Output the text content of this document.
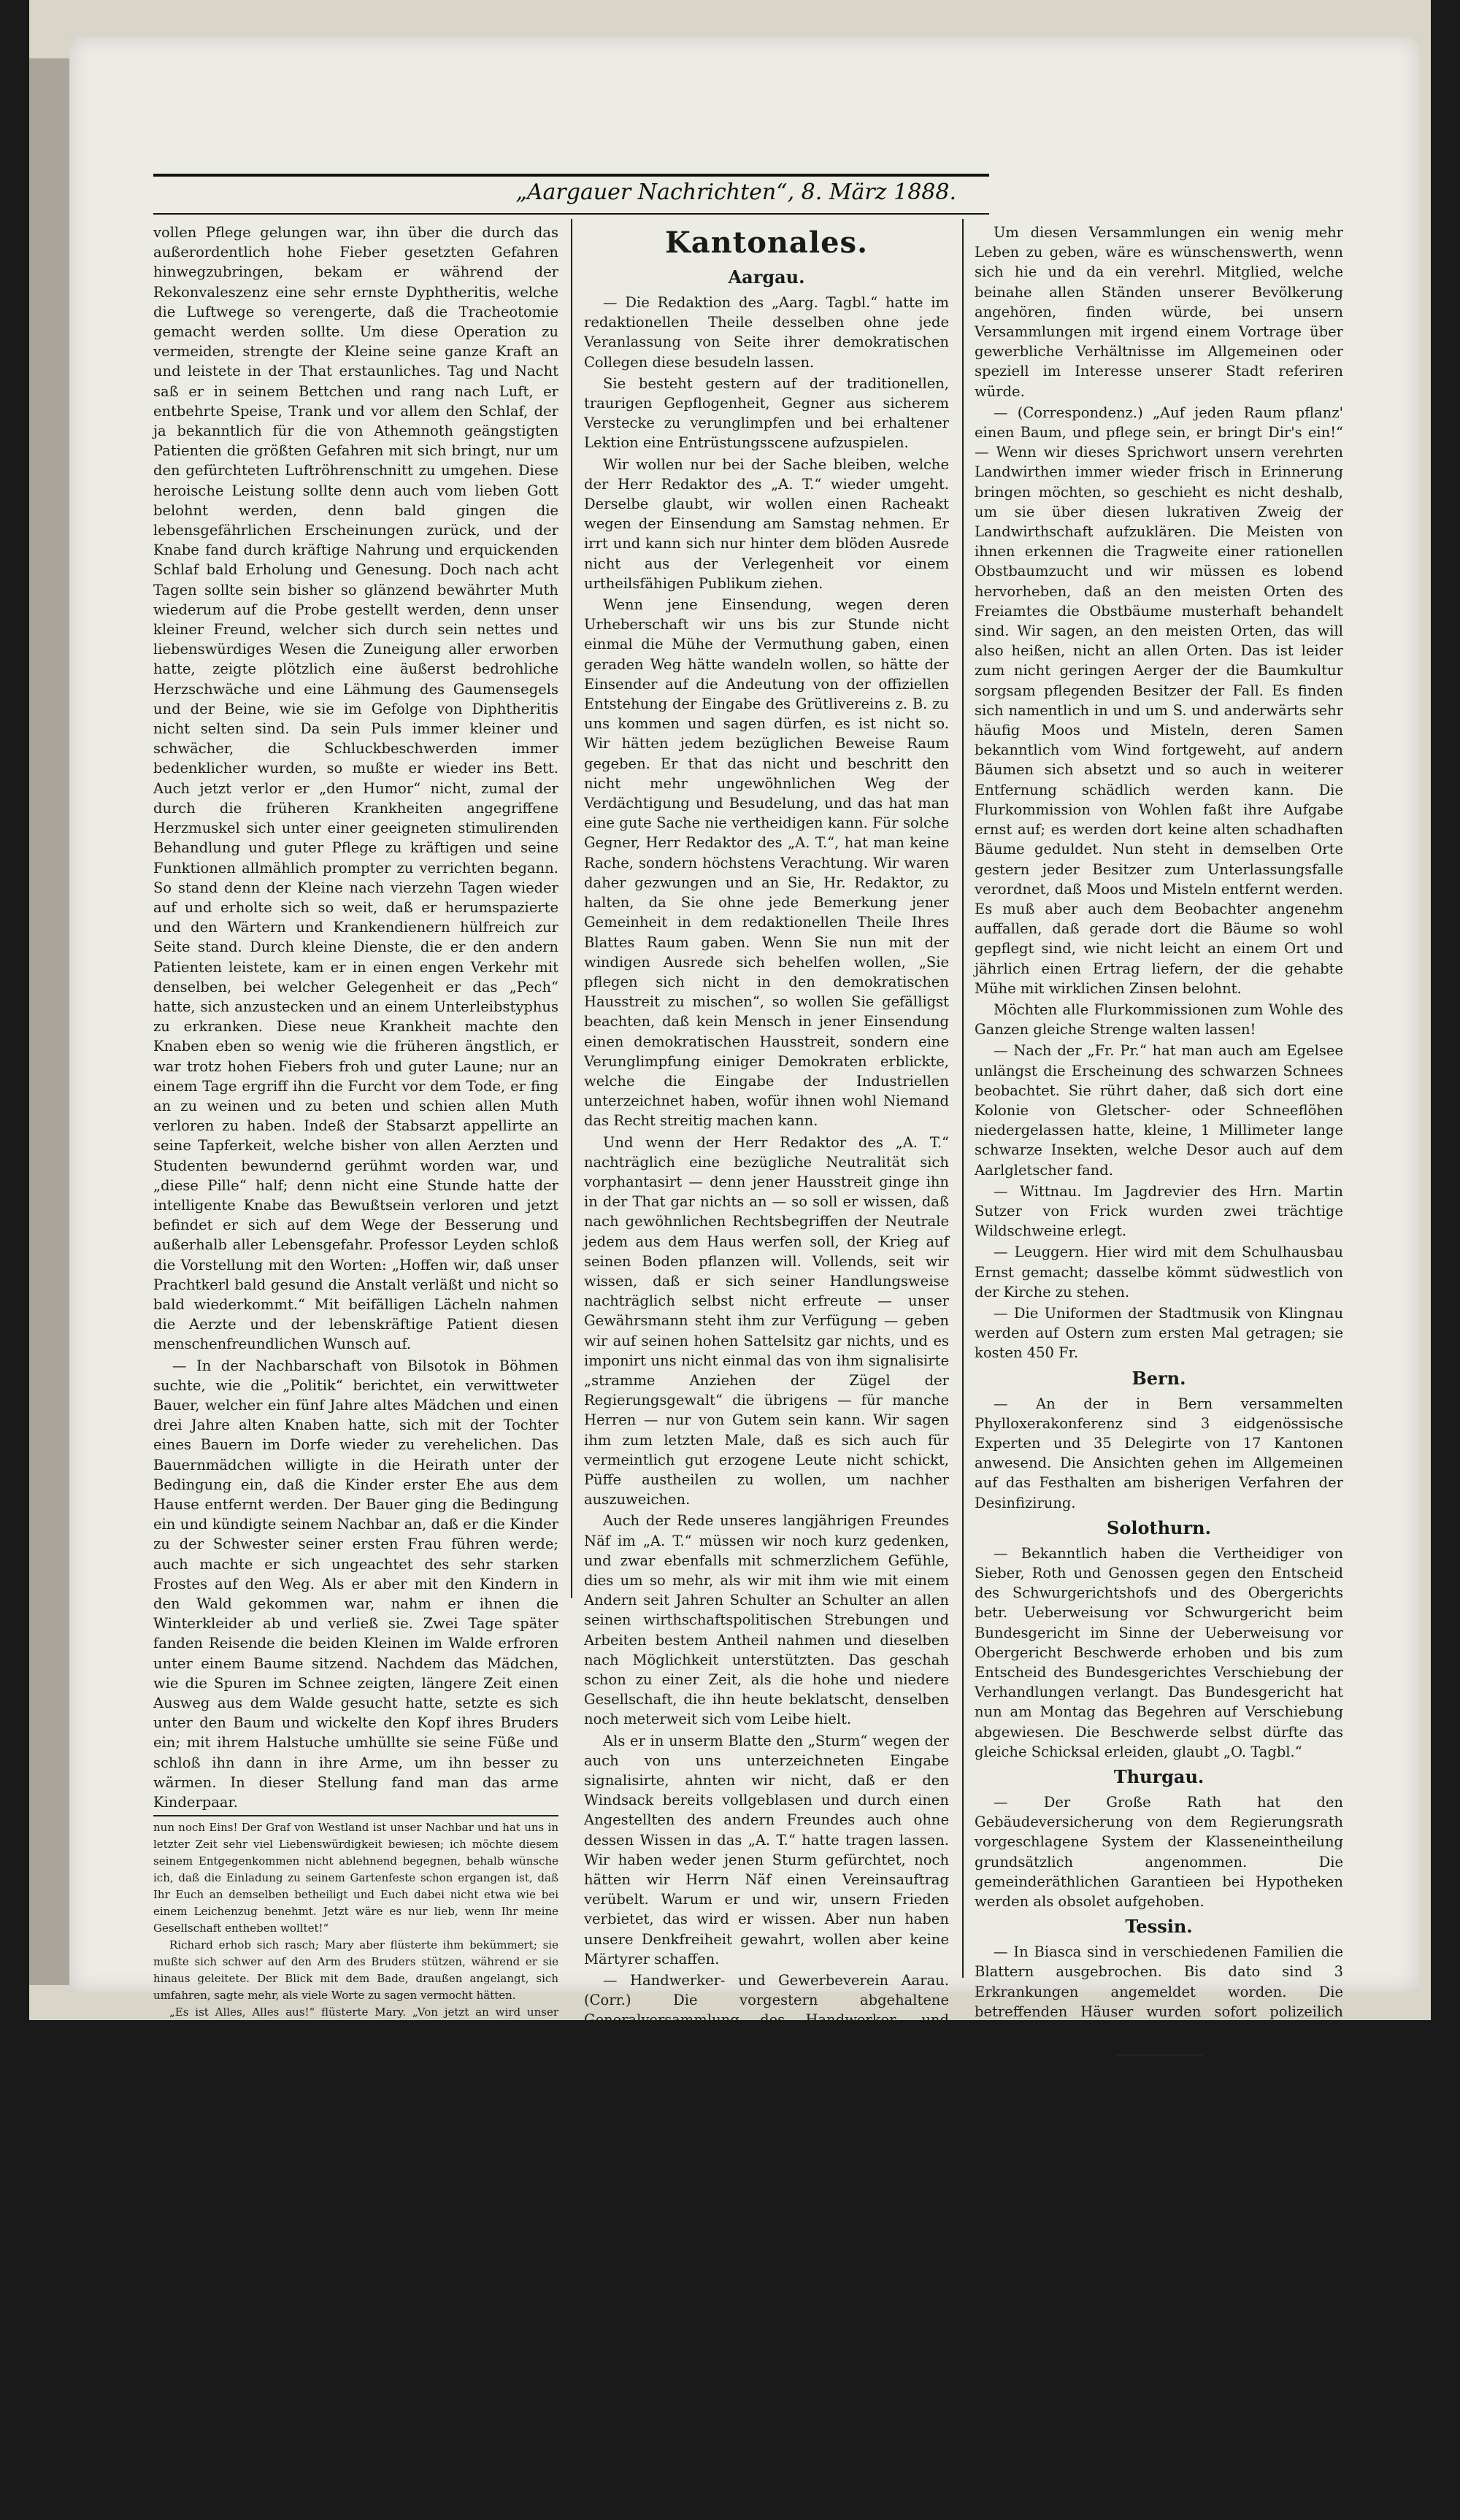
„Aargauer Nachrichten“, 8. März 1888.

vollen Pflege gelungen war, ihn über die durch das außerordentlich hohe Fieber gesetzten Gefahren hinwegzubringen, bekam er während der Rekonvaleszenz eine sehr ernste Dyphtheritis, welche die Luftwege so verengerte, daß die Tracheotomie gemacht werden sollte. Um diese Operation zu vermeiden, strengte der Kleine seine ganze Kraft an und leistete in der That erstaunliches. Tag und Nacht saß er in seinem Bettchen und rang nach Luft, er entbehrte Speise, Trank und vor allem den Schlaf, der ja bekanntlich für die von Athemnoth geängstigten Patienten die größten Gefahren mit sich bringt, nur um den gefürchteten Luftröhrenschnitt zu umgehen. Diese heroische Leistung sollte denn auch vom lieben Gott belohnt werden, denn bald gingen die lebensgefährlichen Erscheinungen zurück, und der Knabe fand durch kräftige Nahrung und erquickenden Schlaf bald Erholung und Genesung. Doch nach acht Tagen sollte sein bisher so glänzend bewährter Muth wiederum auf die Probe gestellt werden, denn unser kleiner Freund, welcher sich durch sein nettes und liebenswürdiges Wesen die Zuneigung aller erworben hatte, zeigte plötzlich eine äußerst bedrohliche Herzschwäche und eine Lähmung des Gaumensegels und der Beine, wie sie im Gefolge von Diphtheritis nicht selten sind. Da sein Puls immer kleiner und schwächer, die Schluckbeschwerden immer bedenklicher wurden, so mußte er wieder ins Bett. Auch jetzt verlor er „den Humor“ nicht, zumal der durch die früheren Krankheiten angegriffene Herzmuskel sich unter einer geeigneten stimulirenden Behandlung und guter Pflege zu kräftigen und seine Funktionen allmählich prompter zu verrichten begann. So stand denn der Kleine nach vierzehn Tagen wieder auf und erholte sich so weit, daß er herumspazierte und den Wärtern und Krankendienern hülfreich zur Seite stand. Durch kleine Dienste, die er den andern Patienten leistete, kam er in einen engen Verkehr mit denselben, bei welcher Gelegenheit er das „Pech“ hatte, sich anzustecken und an einem Unterleibstyphus zu erkranken. Diese neue Krankheit machte den Knaben eben so wenig wie die früheren ängstlich, er war trotz hohen Fiebers froh und guter Laune; nur an einem Tage ergriff ihn die Furcht vor dem Tode, er fing an zu weinen und zu beten und schien allen Muth verloren zu haben. Indeß der Stabsarzt appellirte an seine Tapferkeit, welche bisher von allen Aerzten und Studenten bewundernd gerühmt worden war, und „diese Pille“ half; denn nicht eine Stunde hatte der intelligente Knabe das Bewußtsein verloren und jetzt befindet er sich auf dem Wege der Besserung und außerhalb aller Lebensgefahr. Professor Leyden schloß die Vorstellung mit den Worten: „Hoffen wir, daß unser Prachtkerl bald gesund die Anstalt verläßt und nicht so bald wiederkommt.“ Mit beifälligen Lächeln nahmen die Aerzte und der lebenskräftige Patient diesen menschenfreundlichen Wunsch auf.

— In der Nachbarschaft von Bilsotok in Böhmen suchte, wie die „Politik“ berichtet, ein verwittweter Bauer, welcher ein fünf Jahre altes Mädchen und einen drei Jahre alten Knaben hatte, sich mit der Tochter eines Bauern im Dorfe wieder zu verehelichen. Das Bauernmädchen willigte in die Heirath unter der Bedingung ein, daß die Kinder erster Ehe aus dem Hause entfernt werden. Der Bauer ging die Bedingung ein und kündigte seinem Nachbar an, daß er die Kinder zu der Schwester seiner ersten Frau führen werde; auch machte er sich ungeachtet des sehr starken Frostes auf den Weg. Als er aber mit den Kindern in den Wald gekommen war, nahm er ihnen die Winterkleider ab und verließ sie. Zwei Tage später fanden Reisende die beiden Kleinen im Walde erfroren unter einem Baume sitzend. Nachdem das Mädchen, wie die Spuren im Schnee zeigten, längere Zeit einen Ausweg aus dem Walde gesucht hatte, setzte es sich unter den Baum und wickelte den Kopf ihres Bruders ein; mit ihrem Halstuche umhüllte sie seine Füße und schloß ihn dann in ihre Arme, um ihn besser zu wärmen. In dieser Stellung fand man das arme Kinderpaar.

nun noch Eins! Der Graf von Westland ist unser Nachbar und hat uns in letzter Zeit sehr viel Liebenswürdigkeit bewiesen; ich möchte diesem seinem Entgegenkommen nicht ablehnend begegnen, behalb wünsche ich, daß die Einladung zu seinem Gartenfeste schon ergangen ist, daß Ihr Euch an demselben betheiligt und Euch dabei nicht etwa wie bei einem Leichenzug benehmt. Jetzt wäre es nur lieb, wenn Ihr meine Gesellschaft entheben wolltet!“

Richard erhob sich rasch; Mary aber flüsterte ihm bekümmert; sie mußte sich schwer auf den Arm des Bruders stützen, während er sie hinaus geleitete. Der Blick mit dem Bade, draußen angelangt, sich umfahren, sagte mehr, als viele Worte zu sagen vermocht hätten.

„Es ist Alles, Alles aus!“ flüsterte Mary. „Von jetzt an wird unser Leben eine endlose Kette von Qualen sein!“

Richard versuchte ihr Trost zuzusprechen, den er selbst nicht glaubte, aber Mary schüttelte den Kopf. Für sie gab es keine, keine Hoffnung mehr.

Während sie, nur mit Anstrengung sich aufrecht haltend, in ihr Zimmer wankte, verließ Richard, von Unruhe getrieben, das Haus, dessen finstere Mauern ihn zu erdrücken schienen.

Welcher Art war das Räthsel, von dem er sich gefesselt fand? Worin mochte dieses entsetzliche Geheimniß bestehen? Gerade das Unbegreifliche ließ es doppelt furchtbar erscheinen. Richard sich schon deshalb, weil es so unverständlich war? Konnte es irgend Etwas sein, das vor Jahren in Westindien so geschehen hatte?

Als er erst vier Jahre zählte, war der Vater an gelbem Fieber erkrankt. Zu gleicher Zeit war die Mutter gestorben.

Kantonales.
Aargau.

— Die Redaktion des „Aarg. Tagbl.“ hatte im redaktionellen Theile desselben ohne jede Veranlassung von Seite ihrer demokratischen Collegen diese besudeln lassen.

Sie besteht gestern auf der traditionellen, traurigen Gepflogenheit, Gegner aus sicherem Verstecke zu verunglimpfen und bei erhaltener Lektion eine Entrüstungsscene aufzuspielen.

Wir wollen nur bei der Sache bleiben, welche der Herr Redaktor des „A. T.“ wieder umgeht. Derselbe glaubt, wir wollen einen Racheakt wegen der Einsendung am Samstag nehmen. Er irrt und kann sich nur hinter dem blöden Ausrede nicht aus der Verlegenheit vor einem urtheilsfähigen Publikum ziehen.

Wenn jene Einsendung, wegen deren Urheberschaft wir uns bis zur Stunde nicht einmal die Mühe der Vermuthung gaben, einen geraden Weg hätte wandeln wollen, so hätte der Einsender auf die Andeutung von der offiziellen Entstehung der Eingabe des Grütlivereins z. B. zu uns kommen und sagen dürfen, es ist nicht so. Wir hätten jedem bezüglichen Beweise Raum gegeben. Er that das nicht und beschritt den nicht mehr ungewöhnlichen Weg der Verdächtigung und Besudelung, und das hat man eine gute Sache nie vertheidigen kann. Für solche Gegner, Herr Redaktor des „A. T.“, hat man keine Rache, sondern höchstens Verachtung. Wir waren daher gezwungen und an Sie, Hr. Redaktor, zu halten, da Sie ohne jede Bemerkung jener Gemeinheit in dem redaktionellen Theile Ihres Blattes Raum gaben. Wenn Sie nun mit der windigen Ausrede sich behelfen wollen, „Sie pflegen sich nicht in den demokratischen Hausstreit zu mischen“, so wollen Sie gefälligst beachten, daß kein Mensch in jener Einsendung einen demokratischen Hausstreit, sondern eine Verunglimpfung einiger Demokraten erblickte, welche die Eingabe der Industriellen unterzeichnet haben, wofür ihnen wohl Niemand das Recht streitig machen kann.

Und wenn der Herr Redaktor des „A. T.“ nachträglich eine bezügliche Neutralität sich vorphantasirt — denn jener Hausstreit ginge ihn in der That gar nichts an — so soll er wissen, daß nach gewöhnlichen Rechtsbegriffen der Neutrale jedem aus dem Haus werfen soll, der Krieg auf seinen Boden pflanzen will. Vollends, seit wir wissen, daß er sich seiner Handlungsweise nachträglich selbst nicht erfreute — unser Gewährsmann steht ihm zur Verfügung — geben wir auf seinen hohen Sattelsitz gar nichts, und es imponirt uns nicht einmal das von ihm signalisirte „stramme Anziehen der Zügel der Regierungsgewalt“ die übrigens — für manche Herren — nur von Gutem sein kann. Wir sagen ihm zum letzten Male, daß es sich auch für vermeintlich gut erzogene Leute nicht schickt, Püffe austheilen zu wollen, um nachher auszuweichen.

Auch der Rede unseres langjährigen Freundes Näf im „A. T.“ müssen wir noch kurz gedenken, und zwar ebenfalls mit schmerzlichem Gefühle, dies um so mehr, als wir mit ihm wie mit einem Andern seit Jahren Schulter an Schulter an allen seinen wirthschaftspolitischen Strebungen und Arbeiten bestem Antheil nahmen und dieselben nach Möglichkeit unterstützten. Das geschah schon zu einer Zeit, als die hohe und niedere Gesellschaft, die ihn heute beklatscht, denselben noch meterweit sich vom Leibe hielt.

Als er in unserm Blatte den „Sturm“ wegen der auch von uns unterzeichneten Eingabe signalisirte, ahnten wir nicht, daß er den Windsack bereits vollgeblasen und durch einen Angestellten des andern Freundes auch ohne dessen Wissen in das „A. T.“ hatte tragen lassen. Wir haben weder jenen Sturm gefürchtet, noch hätten wir Herrn Näf einen Vereinsauftrag verübelt. Warum er und wir, unsern Frieden verbietet, das wird er wissen. Aber nun haben unsere Denkfreiheit gewahrt, wollen aber keine Märtyrer schaffen.

— Handwerker- und Gewerbeverein Aarau. (Corr.) Die vorgestern abgehaltene Generalversammlung des Handwerker- und Gewerbevereins war schwach besucht (22 an der Zahl), trotzdem solche wenige das Jahr hindurch stattfinden.

Die Traktandenliste war rasch erledigt, die Jahresrechnung ward gutgeheißen. Die Globoabstimmung über den Vorstand bestätigte wieder die alten Mitglieder, nämlich die Herren Schäfer, Architekt, Meier, Direktor, Richner, Seiler, Siebenmann, Tapezierer, Huber, Drechsler, Strebel, Schreiner, Gysi, Maler.

An Stelle der beiden mit aller Energie ablehnenden Herren Schäfer und Gysi wurden gewählt die Herren Kuhn-Buser und Wehrli-Kähr, Gypser. Als Präsident ging hervor Herr Meier, Direktor.

Die Rechnungskommission wurde bestellt aus den Herren Hagenbuch, Buchbinder, Freihofer, Bildhauer und Wespi, Hafner.

Als Abgeordnete in die Delegirten-Versammlung des schweizer. Gewerbevereins, die in Zug stattfindet, wurden gewählt, die Herren Richner, Seiler und Siebenmann, Tapezierer.

Der Jahresbeitrag wurde wie bis anher mit Fr. 2 belassen.

Um diesen Versammlungen ein wenig mehr Leben zu geben, wäre es wünschenswerth, wenn sich hie und da ein verehrl. Mitglied, welche beinahe allen Ständen unserer Bevölkerung angehören, finden würde, bei unsern Versammlungen mit irgend einem Vortrage über gewerbliche Verhältnisse im Allgemeinen oder speziell im Interesse unserer Stadt referiren würde.

— (Correspondenz.) „Auf jeden Raum pflanz' einen Baum, und pflege sein, er bringt Dir's ein!“ — Wenn wir dieses Sprichwort unsern verehrten Landwirthen immer wieder frisch in Erinnerung bringen möchten, so geschieht es nicht deshalb, um sie über diesen lukrativen Zweig der Landwirthschaft aufzuklären. Die Meisten von ihnen erkennen die Tragweite einer rationellen Obstbaumzucht und wir müssen es lobend hervorheben, daß an den meisten Orten des Freiamtes die Obstbäume musterhaft behandelt sind. Wir sagen, an den meisten Orten, das will also heißen, nicht an allen Orten. Das ist leider zum nicht geringen Aerger der die Baumkultur sorgsam pflegenden Besitzer der Fall. Es finden sich namentlich in und um S. und anderwärts sehr häufig Moos und Misteln, deren Samen bekanntlich vom Wind fortgeweht, auf andern Bäumen sich absetzt und so auch in weiterer Entfernung schädlich werden kann. Die Flurkommission von Wohlen faßt ihre Aufgabe ernst auf; es werden dort keine alten schadhaften Bäume geduldet. Nun steht in demselben Orte gestern jeder Besitzer zum Unterlassungsfalle verordnet, daß Moos und Misteln entfernt werden. Es muß aber auch dem Beobachter angenehm auffallen, daß gerade dort die Bäume so wohl gepflegt sind, wie nicht leicht an einem Ort und jährlich einen Ertrag liefern, der die gehabte Mühe mit wirklichen Zinsen belohnt.

Möchten alle Flurkommissionen zum Wohle des Ganzen gleiche Strenge walten lassen!

— Nach der „Fr. Pr.“ hat man auch am Egelsee unlängst die Erscheinung des schwarzen Schnees beobachtet. Sie rührt daher, daß sich dort eine Kolonie von Gletscher- oder Schneeflöhen niedergelassen hatte, kleine, 1 Millimeter lange schwarze Insekten, welche Desor auch auf dem Aarlgletscher fand.

— Wittnau. Im Jagdrevier des Hrn. Martin Sutzer von Frick wurden zwei trächtige Wildschweine erlegt.

— Leuggern. Hier wird mit dem Schulhausbau Ernst gemacht; dasselbe kömmt südwestlich von der Kirche zu stehen.

— Die Uniformen der Stadtmusik von Klingnau werden auf Ostern zum ersten Mal getragen; sie kosten 450 Fr.

Bern.

— An der in Bern versammelten Phylloxerakonferenz sind 3 eidgenössische Experten und 35 Delegirte von 17 Kantonen anwesend. Die Ansichten gehen im Allgemeinen auf das Festhalten am bisherigen Verfahren der Desinfizirung.

Solothurn.

— Bekanntlich haben die Vertheidiger von Sieber, Roth und Genossen gegen den Entscheid des Schwurgerichtshofs und des Obergerichts betr. Ueberweisung vor Schwurgericht beim Bundesgericht im Sinne der Ueberweisung vor Obergericht Beschwerde erhoben und bis zum Entscheid des Bundesgerichtes Verschiebung der Verhandlungen verlangt. Das Bundesgericht hat nun am Montag das Begehren auf Verschiebung abgewiesen. Die Beschwerde selbst dürfte das gleiche Schicksal erleiden, glaubt „O. Tagbl.“

Thurgau.

— Der Große Rath hat den Gebäudeversicherung von dem Regierungsrath vorgeschlagene System der Klasseneintheilung grundsätzlich angenommen. Die gemeinderäthlichen Garantieen bei Hypotheken werden als obsolet aufgehoben.

Tessin.

— In Biasca sind in verschiedenen Familien die Blattern ausgebrochen. Bis dato sind 3 Erkrankungen angemeldet worden. Die betreffenden Häuser wurden sofort polizeilich abgesperrt.

Ausland.
Deutschland.

Nach aus der Walfischbay eingelaufenen Nachrichten ist die Engros-Schlächterei und Central-Faktorei der Deutsch-West-Afrikanischen Kompagnie in Sandwichhafen, zwei Meilen südlich von Walfischbay, aufgeschlagen und wird die Schlächterei in kürzester Frist in Betrieb gesetzt.

Oesterreich.

— Wie englischen Blättern von Wien berichtet wird, ist es beabsichtigt, die Kriegsstärke der österreichisch-ungarischen Armee (stehendes Heer und Reserve) von 800,000 auf 1,000,000 Mann zu erhöhen. Den Parlamenten sollen entsprechende Vorlagen, gegen, nach deren Annahme das Gesetz sofort in Kraft treten wird.

— Die Regierung beschäftigt sich sehr eingehend mit der Regulirung des Eisernen Thores und beabsichtigt dieselbe demnächst durchzuführen. Der Kommunikations-Minister verhandelt derzeit bezüglich der Finanzirung des
